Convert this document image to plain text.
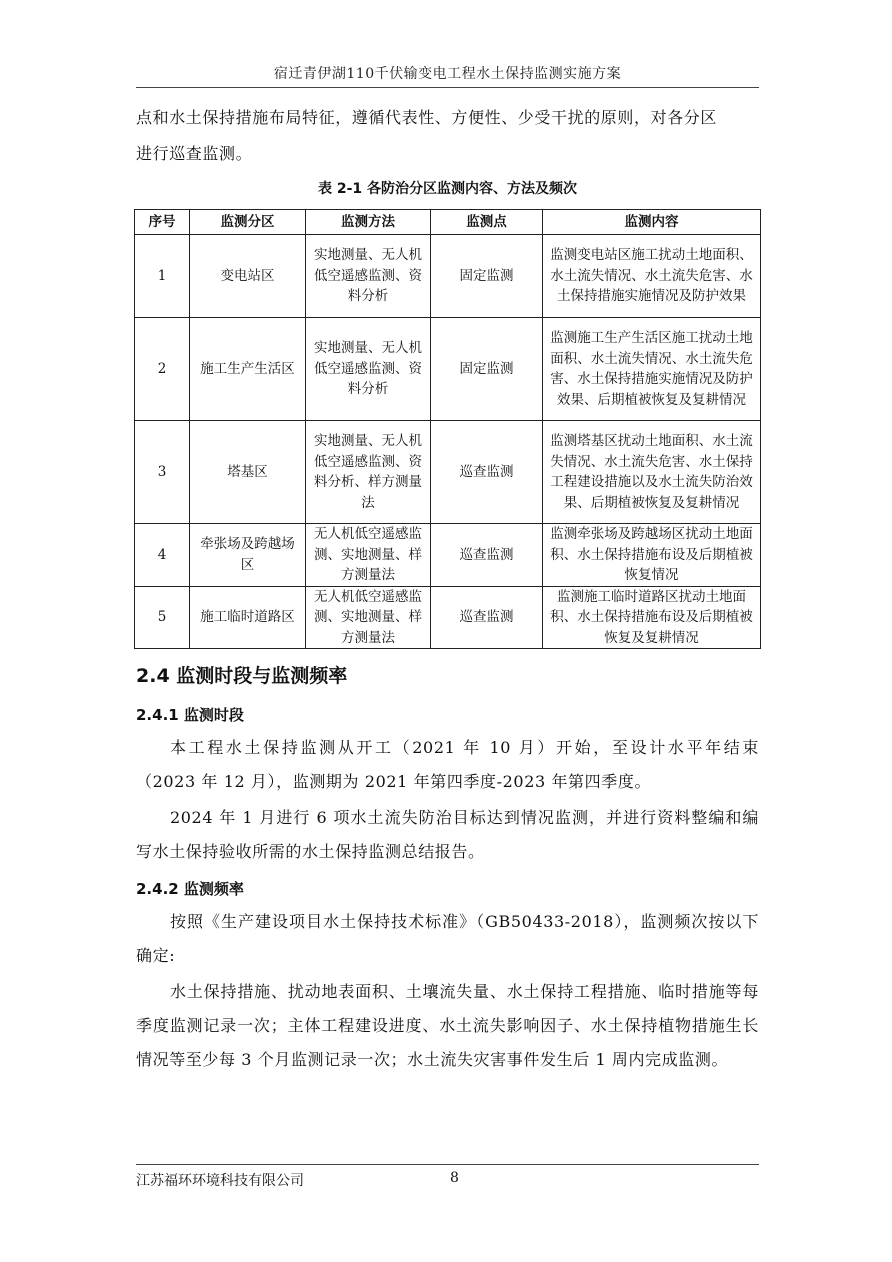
宿迁青伊湖110千伏输变电工程水土保持监测实施方案

点和水土保持措施布局特征，遵循代表性、方便性、少受干扰的原则，对各分区

进行巡查监测。

表 2-1 各防治分区监测内容、方法及频次
序号	监测分区	监测方法	监测点	监测内容
1	变电站区	实地测量、无人机低空遥感监测、资料分析	固定监测	监测变电站区施工扰动土地面积、水土流失情况、水土流失危害、水土保持措施实施情况及防护效果
2	施工生产生活区	实地测量、无人机低空遥感监测、资料分析	固定监测	监测施工生产生活区施工扰动土地面积、水土流失情况、水土流失危害、水土保持措施实施情况及防护效果、后期植被恢复及复耕情况
3	塔基区	实地测量、无人机低空遥感监测、资料分析、样方测量法	巡查监测	监测塔基区扰动土地面积、水土流失情况、水土流失危害、水土保持工程建设措施以及水土流失防治效果、后期植被恢复及复耕情况
4	牵张场及跨越场区	无人机低空遥感监测、实地测量、样方测量法	巡查监测	监测牵张场及跨越场区扰动土地面积、水土保持措施布设及后期植被恢复情况
5	施工临时道路区	无人机低空遥感监测、实地测量、样方测量法	巡查监测	监测施工临时道路区扰动土地面积、水土保持措施布设及后期植被恢复及复耕情况
2.4 监测时段与监测频率
2.4.1 监测时段

本工程水土保持监测从开工（2021 年 10 月）开始，至设计水平年结束（2023 年 12 月），监测期为 2021 年第四季度-2023 年第四季度。

2024 年 1 月进行 6 项水土流失防治目标达到情况监测，并进行资料整编和编写水土保持验收所需的水土保持监测总结报告。

2.4.2 监测频率

按照《生产建设项目水土保持技术标准》（GB50433-2018），监测频次按以下确定:

水土保持措施、扰动地表面积、土壤流失量、水土保持工程措施、临时措施等每季度监测记录一次；主体工程建设进度、水土流失影响因子、水土保持植物措施生长情况等至少每 3 个月监测记录一次；水土流失灾害事件发生后 1 周内完成监测。

江苏福环环境科技有限公司	8
